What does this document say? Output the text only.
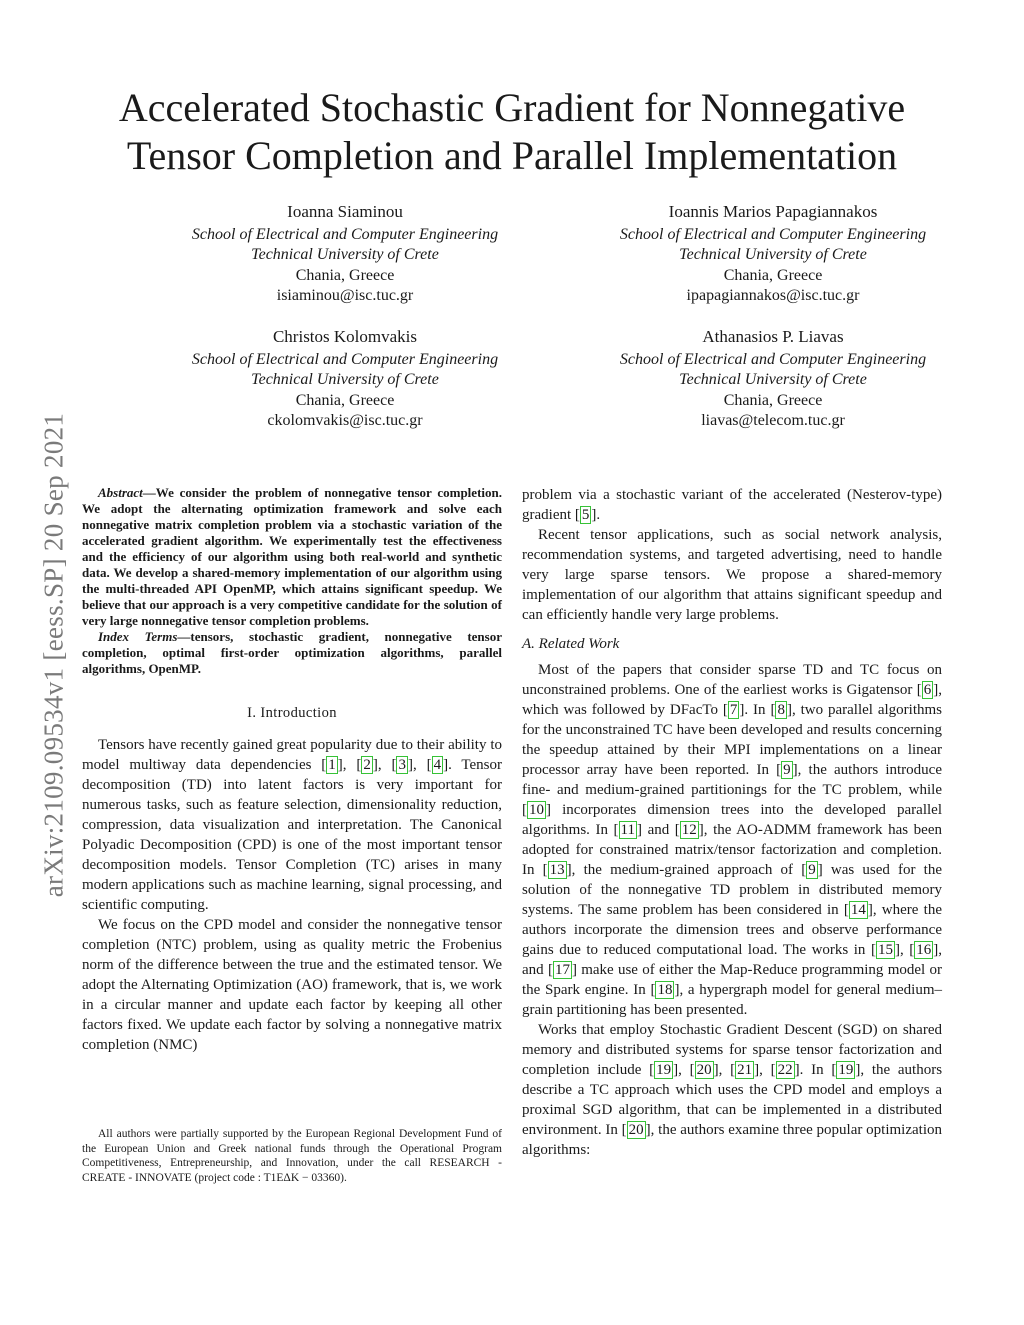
arXiv:2109.09534v1 [eess.SP] 20 Sep 2021
Accelerated Stochastic Gradient for Nonnegative
Tensor Completion and Parallel Implementation
Ioanna Siaminou
School of Electrical and Computer Engineering
Technical University of Crete
Chania, Greece
isiaminou@isc.tuc.gr
Ioannis Marios Papagiannakos
School of Electrical and Computer Engineering
Technical University of Crete
Chania, Greece
ipapagiannakos@isc.tuc.gr
Christos Kolomvakis
School of Electrical and Computer Engineering
Technical University of Crete
Chania, Greece
ckolomvakis@isc.tuc.gr
Athanasios P. Liavas
School of Electrical and Computer Engineering
Technical University of Crete
Chania, Greece
liavas@telecom.tuc.gr

Abstract—We consider the problem of nonnegative tensor completion. We adopt the alternating optimization framework and solve each nonnegative matrix completion problem via a stochastic variation of the accelerated gradient algorithm. We experimentally test the effectiveness and the efficiency of our algorithm using both real-world and synthetic data. We develop a shared-memory implementation of our algorithm using the multi-threaded API OpenMP, which attains significant speedup. We believe that our approach is a very competitive candidate for the solution of very large nonnegative tensor completion problems.

Index Terms—tensors, stochastic gradient, nonnegative tensor completion, optimal first-order optimization algorithms, parallel algorithms, OpenMP.

I. Introduction

Tensors have recently gained great popularity due to their ability to model multiway data dependencies [ 1 ], [ 2 ], [ 3 ], [ 4 ]. Tensor decomposition (TD) into latent factors is very important for numerous tasks, such as feature selection, dimensionality reduction, compression, data visualization and interpretation. The Canonical Polyadic Decomposition (CPD) is one of the most important tensor decomposition models. Tensor Completion (TC) arises in many modern applications such as machine learning, signal processing, and scientific computing.

We focus on the CPD model and consider the nonnegative tensor completion (NTC) problem, using as quality metric the Frobenius norm of the difference between the true and the estimated tensor. We adopt the Alternating Optimization (AO) framework, that is, we work in a circular manner and update each factor by keeping all other factors fixed. We update each factor by solving a nonnegative matrix completion (NMC)

All authors were partially supported by the European Regional Development Fund of the European Union and Greek national funds through the Operational Program Competitiveness, Entrepreneurship, and Innovation, under the call RESEARCH - CREATE - INNOVATE (project code : T1EΔK − 03360).

problem via a stochastic variant of the accelerated (Nesterov-type) gradient [ 5 ].

Recent tensor applications, such as social network analysis, recommendation systems, and targeted advertising, need to handle very large sparse tensors. We propose a shared-memory implementation of our algorithm that attains significant speedup and can efficiently handle very large problems.

A. Related Work

Most of the papers that consider sparse TD and TC focus on unconstrained problems. One of the earliest works is Gigatensor [ 6 ], which was followed by DFacTo [ 7 ]. In [ 8 ], two parallel algorithms for the unconstrained TC have been developed and results concerning the speedup attained by their MPI implementations on a linear processor array have been reported. In [ 9 ], the authors introduce fine- and medium-grained partitionings for the TC problem, while [ 10 ] incorporates dimension trees into the developed parallel algorithms. In [ 11 ] and [ 12 ], the AO-ADMM framework has been adopted for constrained matrix/tensor factorization and completion. In [ 13 ], the medium-grained approach of [ 9 ] was used for the solution of the nonnegative TD problem in distributed memory systems. The same problem has been considered in [ 14 ], where the authors incorporate the dimension trees and observe performance gains due to reduced computational load. The works in [ 15 ], [ 16 ], and [ 17 ] make use of either the Map-Reduce programming model or the Spark engine. In [ 18 ], a hypergraph model for general medium–grain partitioning has been presented.

Works that employ Stochastic Gradient Descent (SGD) on shared memory and distributed systems for sparse tensor factorization and completion include [ 19 ], [ 20 ], [ 21 ], [ 22 ]. In [ 19 ], the authors describe a TC approach which uses the CPD model and employs a proximal SGD algorithm, that can be implemented in a distributed environment. In [ 20 ], the authors examine three popular optimization algorithms:
